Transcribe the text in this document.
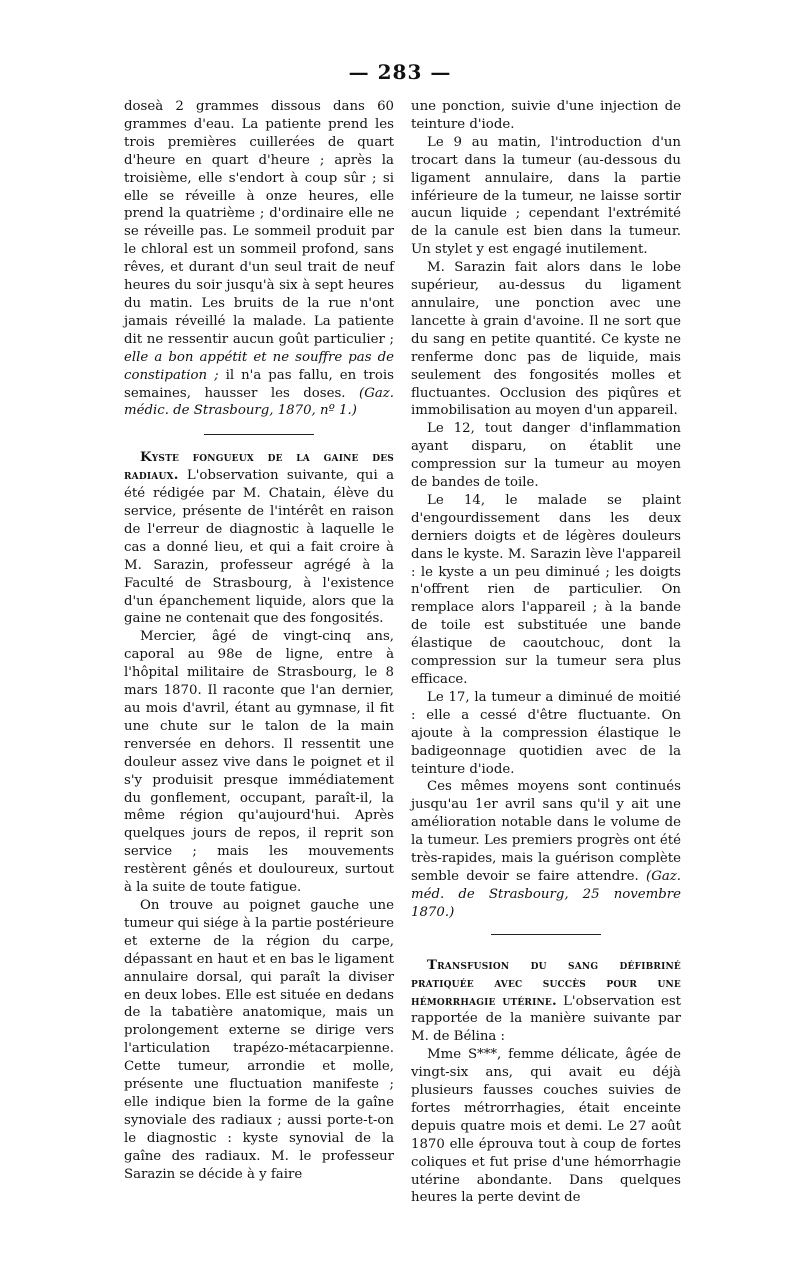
— 283 —

doseà 2 grammes dissous dans 60 grammes d'eau. La patiente prend les trois premières cuillerées de quart d'heure en quart d'heure ; après la troisième, elle s'endort à coup sûr ; si elle se réveille à onze heures, elle prend la quatrième ; d'ordinaire elle ne se réveille pas. Le sommeil produit par le chloral est un sommeil profond, sans rêves, et durant d'un seul trait de neuf heures du soir jusqu'à six à sept heures du matin. Les bruits de la rue n'ont jamais réveillé la malade. La patiente dit ne ressentir aucun goût particulier ; elle a bon appétit et ne souffre pas de constipation ; il n'a pas fallu, en trois semaines, hausser les doses. (Gaz. médic. de Strasbourg, 1870, nº 1.)

Kyste fongueux de la gaine des radiaux. L'observation suivante, qui a été rédigée par M. Chatain, élève du service, présente de l'intérêt en raison de l'erreur de diagnostic à laquelle le cas a donné lieu, et qui a fait croire à M. Sarazin, professeur agrégé à la Faculté de Strasbourg, à l'existence d'un épanchement liquide, alors que la gaine ne contenait que des fongosités.

Mercier, âgé de vingt-cinq ans, caporal au 98e de ligne, entre à l'hôpital militaire de Strasbourg, le 8 mars 1870. Il raconte que l'an dernier, au mois d'avril, étant au gymnase, il fit une chute sur le talon de la main renversée en dehors. Il ressentit une douleur assez vive dans le poignet et il s'y produisit presque immédiatement du gonflement, occupant, paraît-il, la même région qu'aujourd'hui. Après quelques jours de repos, il reprit son service ; mais les mouvements restèrent gênés et douloureux, surtout à la suite de toute fatigue.

On trouve au poignet gauche une tumeur qui siége à la partie postérieure et externe de la région du carpe, dépassant en haut et en bas le ligament annulaire dorsal, qui paraît la diviser en deux lobes. Elle est située en dedans de la tabatière anatomique, mais un prolongement externe se dirige vers l'articulation trapézo-métacarpienne. Cette tumeur, arrondie et molle, présente une fluctuation manifeste ; elle indique bien la forme de la gaîne synoviale des radiaux ; aussi porte-t-on le diagnostic : kyste synovial de la gaîne des radiaux. M. le professeur Sarazin se décide à y faire

une ponction, suivie d'une injection de teinture d'iode.

Le 9 au matin, l'introduction d'un trocart dans la tumeur (au-dessous du ligament annulaire, dans la partie inférieure de la tumeur, ne laisse sortir aucun liquide ; cependant l'extrémité de la canule est bien dans la tumeur. Un stylet y est engagé inutilement.

M. Sarazin fait alors dans le lobe supérieur, au-dessus du ligament annulaire, une ponction avec une lancette à grain d'avoine. Il ne sort que du sang en petite quantité. Ce kyste ne renferme donc pas de liquide, mais seulement des fongosités molles et fluctuantes. Occlusion des piqûres et immobilisation au moyen d'un appareil.

Le 12, tout danger d'inflammation ayant disparu, on établit une compression sur la tumeur au moyen de bandes de toile.

Le 14, le malade se plaint d'engourdissement dans les deux derniers doigts et de légères douleurs dans le kyste. M. Sarazin lève l'appareil : le kyste a un peu diminué ; les doigts n'offrent rien de particulier. On remplace alors l'appareil ; à la bande de toile est substituée une bande élastique de caoutchouc, dont la compression sur la tumeur sera plus efficace.

Le 17, la tumeur a diminué de moitié : elle a cessé d'être fluctuante. On ajoute à la compression élastique le badigeonnage quotidien avec de la teinture d'iode.

Ces mêmes moyens sont continués jusqu'au 1er avril sans qu'il y ait une amélioration notable dans le volume de la tumeur. Les premiers progrès ont été très-rapides, mais la guérison complète semble devoir se faire attendre. (Gaz. méd. de Strasbourg, 25 novembre 1870.)

Transfusion du sang défibriné pratiquée avec succès pour une hémorrhagie utérine. L'observation est rapportée de la manière suivante par M. de Bélina :

Mme S***, femme délicate, âgée de vingt-six ans, qui avait eu déjà plusieurs fausses couches suivies de fortes métrorrhagies, était enceinte depuis quatre mois et demi. Le 27 août 1870 elle éprouva tout à coup de fortes coliques et fut prise d'une hémorrhagie utérine abondante. Dans quelques heures la perte devint de
